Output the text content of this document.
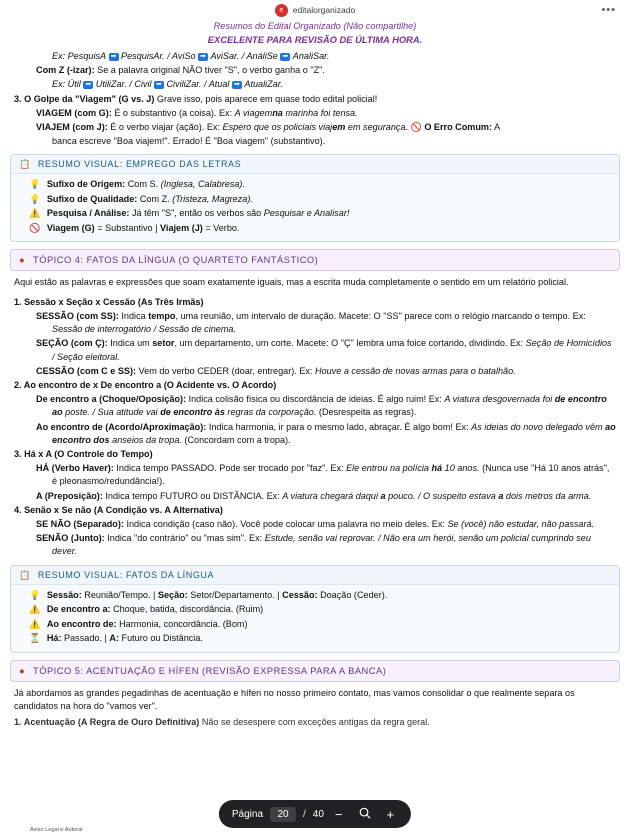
e	editalorganizado	•••
Resumos do Edital Organizado (Não compartilhe)
EXCELENTE PARA REVISÃO DE ÚLTIMA HORA.
Ex: PesquisA ➡ PesquisAr. / AviSo ➡ AviSar. / AnáliSe ➡ AnaliSar.
Com Z (-izar): Se a palavra original NÃO tiver "S", o verbo ganha o "Z".
Ex: Útil ➡ UtiliZar. / Civil ➡ CiviliZar. / Atual ➡ AtualiZar.
3. O Golpe da "Viagem" (G vs. J) Grave isso, pois aparece em quase todo edital policial!
VIAGEM (com G): É o substantivo (a coisa). Ex: A viagemna marinha foi tensa.
VIAJEM (com J): É o verbo viajar (ação). Ex: Espero que os policiais viajem em segurança. 🚫 O Erro Comum: A
banca escreve "Boa viajem!". Errado! É "Boa viagem" (substantivo).
📋 RESUMO VISUAL: EMPREGO DAS LETRAS
💡 Sufixo de Origem: Com S. (Inglesa, Calabresa).
💡 Sufixo de Qualidade: Com Z. (Tristeza, Magreza).
⚠️ Pesquisa / Análise: Já têm "S", então os verbos são Pesquisar e Analisar!
🚫 Viagem (G) = Substantivo | Viajem (J) = Verbo.
● TÓPICO 4: FATOS DA LÍNGUA (O QUARTETO FANTÁSTICO)
Aqui estão as palavras e expressões que soam exatamente iguais, mas a escrita muda completamente o sentido em um relatório policial.
1. Sessão x Seção x Cessão (As Três Irmãs)
SESSÃO (com SS): Indica tempo, uma reunião, um intervalo de duração. Macete: O "SS" parece com o relógio marcando o tempo. Ex: Sessão de interrogatório / Sessão de cinema.
SEÇÃO (com Ç): Indica um setor, um departamento, um corte. Macete: O "Ç" lembra uma foice cortando, dividindo. Ex: Seção de Homicídios / Seção eleitoral.
CESSÃO (com C e SS): Vem do verbo CEDER (doar, entregar). Ex: Houve a cessão de novas armas para o batalhão.
2. Ao encontro de x De encontro a (O Acidente vs. O Acordo)
De encontro a (Choque/Oposição): Indica colisão física ou discordância de ideias. É algo ruim! Ex: A viatura desgovernada foi de encontro ao poste. / Sua atitude vai de encontro às regras da corporação. (Desrespeita as regras).
Ao encontro de (Acordo/Aproximação): Indica harmonia, ir para o mesmo lado, abraçar. É algo bom! Ex: As ideias do novo delegado vêm ao encontro dos anseios da tropa. (Concordam com a tropa).
3. Há x A (O Controle do Tempo)
HÁ (Verbo Haver): Indica tempo PASSADO. Pode ser trocado por "faz". Ex: Ele entrou na polícia há 10 anos. (Nunca use "Há 10 anos atrás", é pleonasmo/redundância!).
A (Preposição): Indica tempo FUTURO ou DISTÂNCIA. Ex: A viatura chegará daqui a pouco. / O suspeito estava a dois metros da arma.
4. Senão x Se não (A Condição vs. A Alternativa)
SE NÃO (Separado): Indica condição (caso não). Você pode colocar uma palavra no meio deles. Ex: Se (você) não estudar, não passará.
SENÃO (Junto): Indica "do contrário" ou "mas sim". Ex: Estude, senão vai reprovar. / Não era um herói, senão um policial cumprindo seu dever.
📋 RESUMO VISUAL: FATOS DA LÍNGUA
💡 Sessão: Reunião/Tempo. | Seção: Setor/Departamento. | Cessão: Doação (Ceder).
⚠️ De encontro a: Choque, batida, discordância. (Ruim)
⚠️ Ao encontro de: Harmonia, concordância. (Bom)
⏳ Há: Passado. | A: Futuro ou Distância.
● TÓPICO 5: ACENTUAÇÃO E HÍFEN (REVISÃO EXPRESSA PARA A BANCA)
Já abordamos as grandes pegadinhas de acentuação e hífen no nosso primeiro contato, mas vamos consolidar o que realmente separa os candidatos na hora do "vamos ver".
1. Acentuação (A Regra de Ouro Definitiva) Não se desespere com exceções antigas da regra geral.
Aviso Legal e Autoral
Página	20	/ 40 −	+
